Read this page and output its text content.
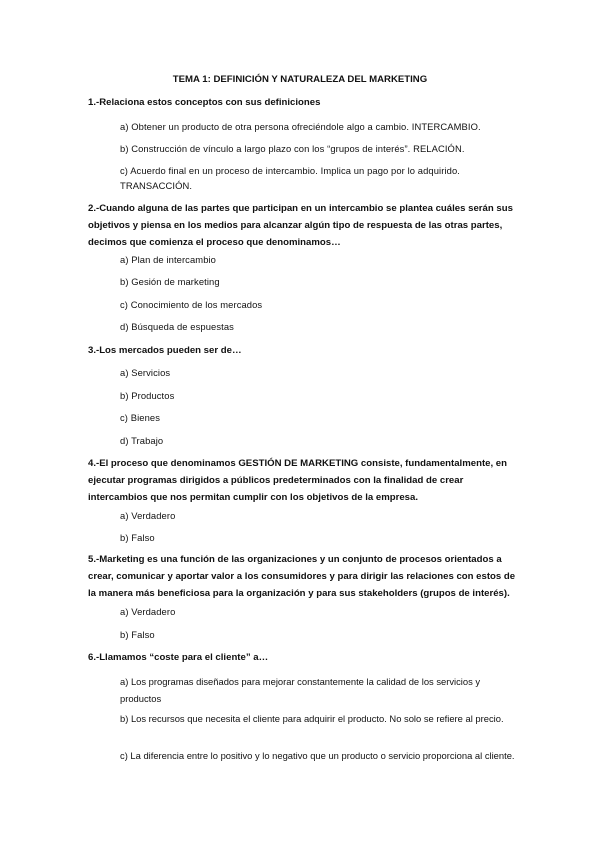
TEMA 1: DEFINICIÓN Y NATURALEZA DEL MARKETING
1.-Relaciona estos conceptos con sus definiciones
a) Obtener un producto de otra persona ofreciéndole algo a cambio. INTERCAMBIO.
b) Construcción de vínculo a largo plazo con los “grupos de interés”. RELACIÓN.
c) Acuerdo final en un proceso de intercambio. Implica un pago por lo adquirido.
TRANSACCIÓN.
2.-Cuando alguna de las partes que participan en un intercambio se plantea cuáles serán sus
objetivos y piensa en los medios para alcanzar algún tipo de respuesta de las otras partes,
decimos que comienza el proceso que denominamos…
a) Plan de intercambio
b) Gesión de marketing
c) Conocimiento de los mercados
d) Búsqueda de espuestas
3.-Los mercados pueden ser de…
a) Servicios
b) Productos
c) Bienes
d) Trabajo
4.-El proceso que denominamos GESTIÓN DE MARKETING consiste, fundamentalmente, en
ejecutar programas dirigidos a públicos predeterminados con la finalidad de crear
intercambios que nos permitan cumplir con los objetivos de la empresa.
a) Verdadero
b) Falso
5.-Marketing es una función de las organizaciones y un conjunto de procesos orientados a
crear, comunicar y aportar valor a los consumidores y para dirigir las relaciones con estos de
la manera más beneficiosa para la organización y para sus stakeholders (grupos de interés).
a) Verdadero
b) Falso
6.-Llamamos “coste para el cliente” a…
a) Los programas diseñados para mejorar constantemente la calidad de los servicios y productos
b) Los recursos que necesita el cliente para adquirir el producto. No solo se refiere al precio.
c) La diferencia entre lo positivo y lo negativo que un producto o servicio proporciona al cliente.
